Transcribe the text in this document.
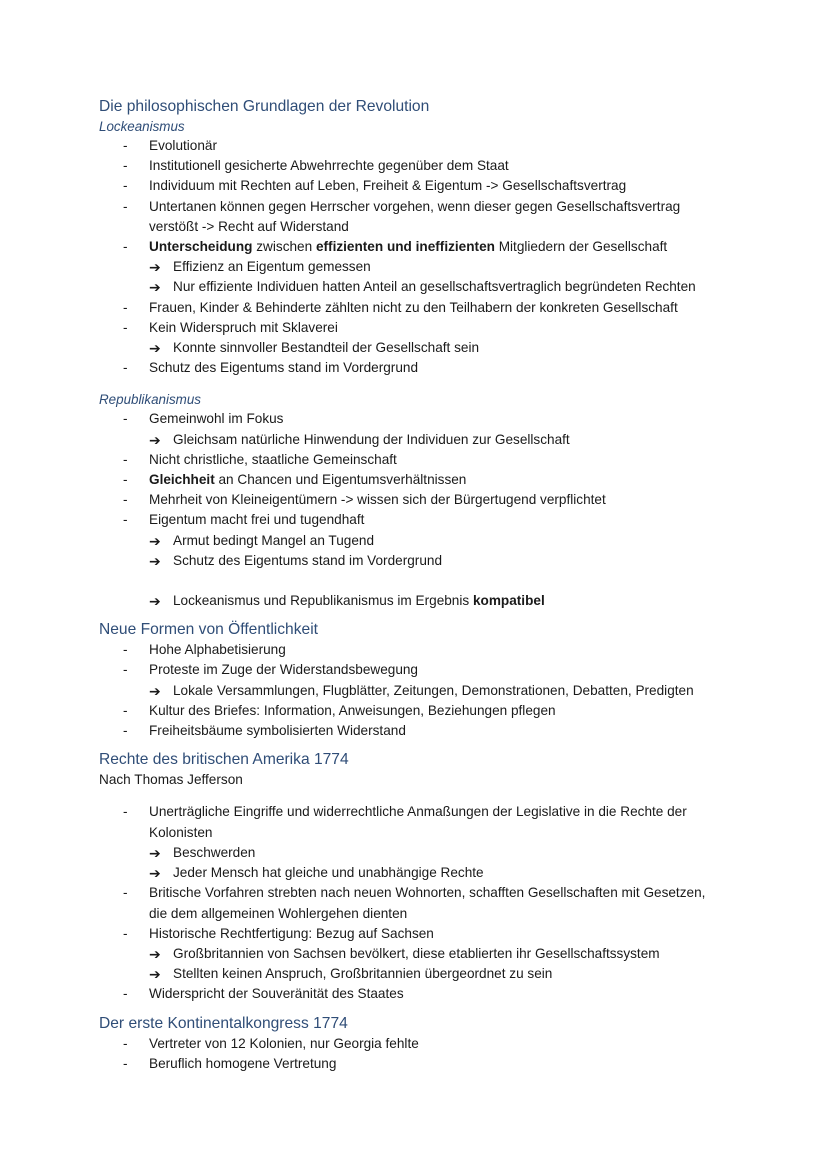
Die philosophischen Grundlagen der Revolution
Lockeanismus
-	Evolutionär
-	Institutionell gesicherte Abwehrrechte gegenüber dem Staat
-	Individuum mit Rechten auf Leben, Freiheit & Eigentum -> Gesellschaftsvertrag
-	Untertanen können gegen Herrscher vorgehen, wenn dieser gegen Gesellschaftsvertrag
verstößt -> Recht auf Widerstand
-	Unterscheidung zwischen effizienten und ineffizienten Mitgliedern der Gesellschaft
➔ Effizienz an Eigentum gemessen
➔ Nur effiziente Individuen hatten Anteil an gesellschaftsvertraglich begründeten Rechten
-	Frauen, Kinder & Behinderte zählten nicht zu den Teilhabern der konkreten Gesellschaft
-	Kein Widerspruch mit Sklaverei
➔ Konnte sinnvoller Bestandteil der Gesellschaft sein
-	Schutz des Eigentums stand im Vordergrund
Republikanismus
-	Gemeinwohl im Fokus
➔ Gleichsam natürliche Hinwendung der Individuen zur Gesellschaft
-	Nicht christliche, staatliche Gemeinschaft
-	Gleichheit an Chancen und Eigentumsverhältnissen
-	Mehrheit von Kleineigentümern -> wissen sich der Bürgertugend verpflichtet
-	Eigentum macht frei und tugendhaft
➔ Armut bedingt Mangel an Tugend
➔ Schutz des Eigentums stand im Vordergrund
➔ Lockeanismus und Republikanismus im Ergebnis kompatibel
Neue Formen von Öffentlichkeit
-	Hohe Alphabetisierung
-	Proteste im Zuge der Widerstandsbewegung
➔ Lokale Versammlungen, Flugblätter, Zeitungen, Demonstrationen, Debatten, Predigten
-	Kultur des Briefes: Information, Anweisungen, Beziehungen pflegen
-	Freiheitsbäume symbolisierten Widerstand
Rechte des britischen Amerika 1774
Nach Thomas Jefferson
-	Unerträgliche Eingriffe und widerrechtliche Anmaßungen der Legislative in die Rechte der
Kolonisten
➔ Beschwerden
➔ Jeder Mensch hat gleiche und unabhängige Rechte
-	Britische Vorfahren strebten nach neuen Wohnorten, schafften Gesellschaften mit Gesetzen,
die dem allgemeinen Wohlergehen dienten
-	Historische Rechtfertigung: Bezug auf Sachsen
➔ Großbritannien von Sachsen bevölkert, diese etablierten ihr Gesellschaftssystem
➔ Stellten keinen Anspruch, Großbritannien übergeordnet zu sein
-	Widerspricht der Souveränität des Staates
Der erste Kontinentalkongress 1774
-	Vertreter von 12 Kolonien, nur Georgia fehlte
-	Beruflich homogene Vertretung
